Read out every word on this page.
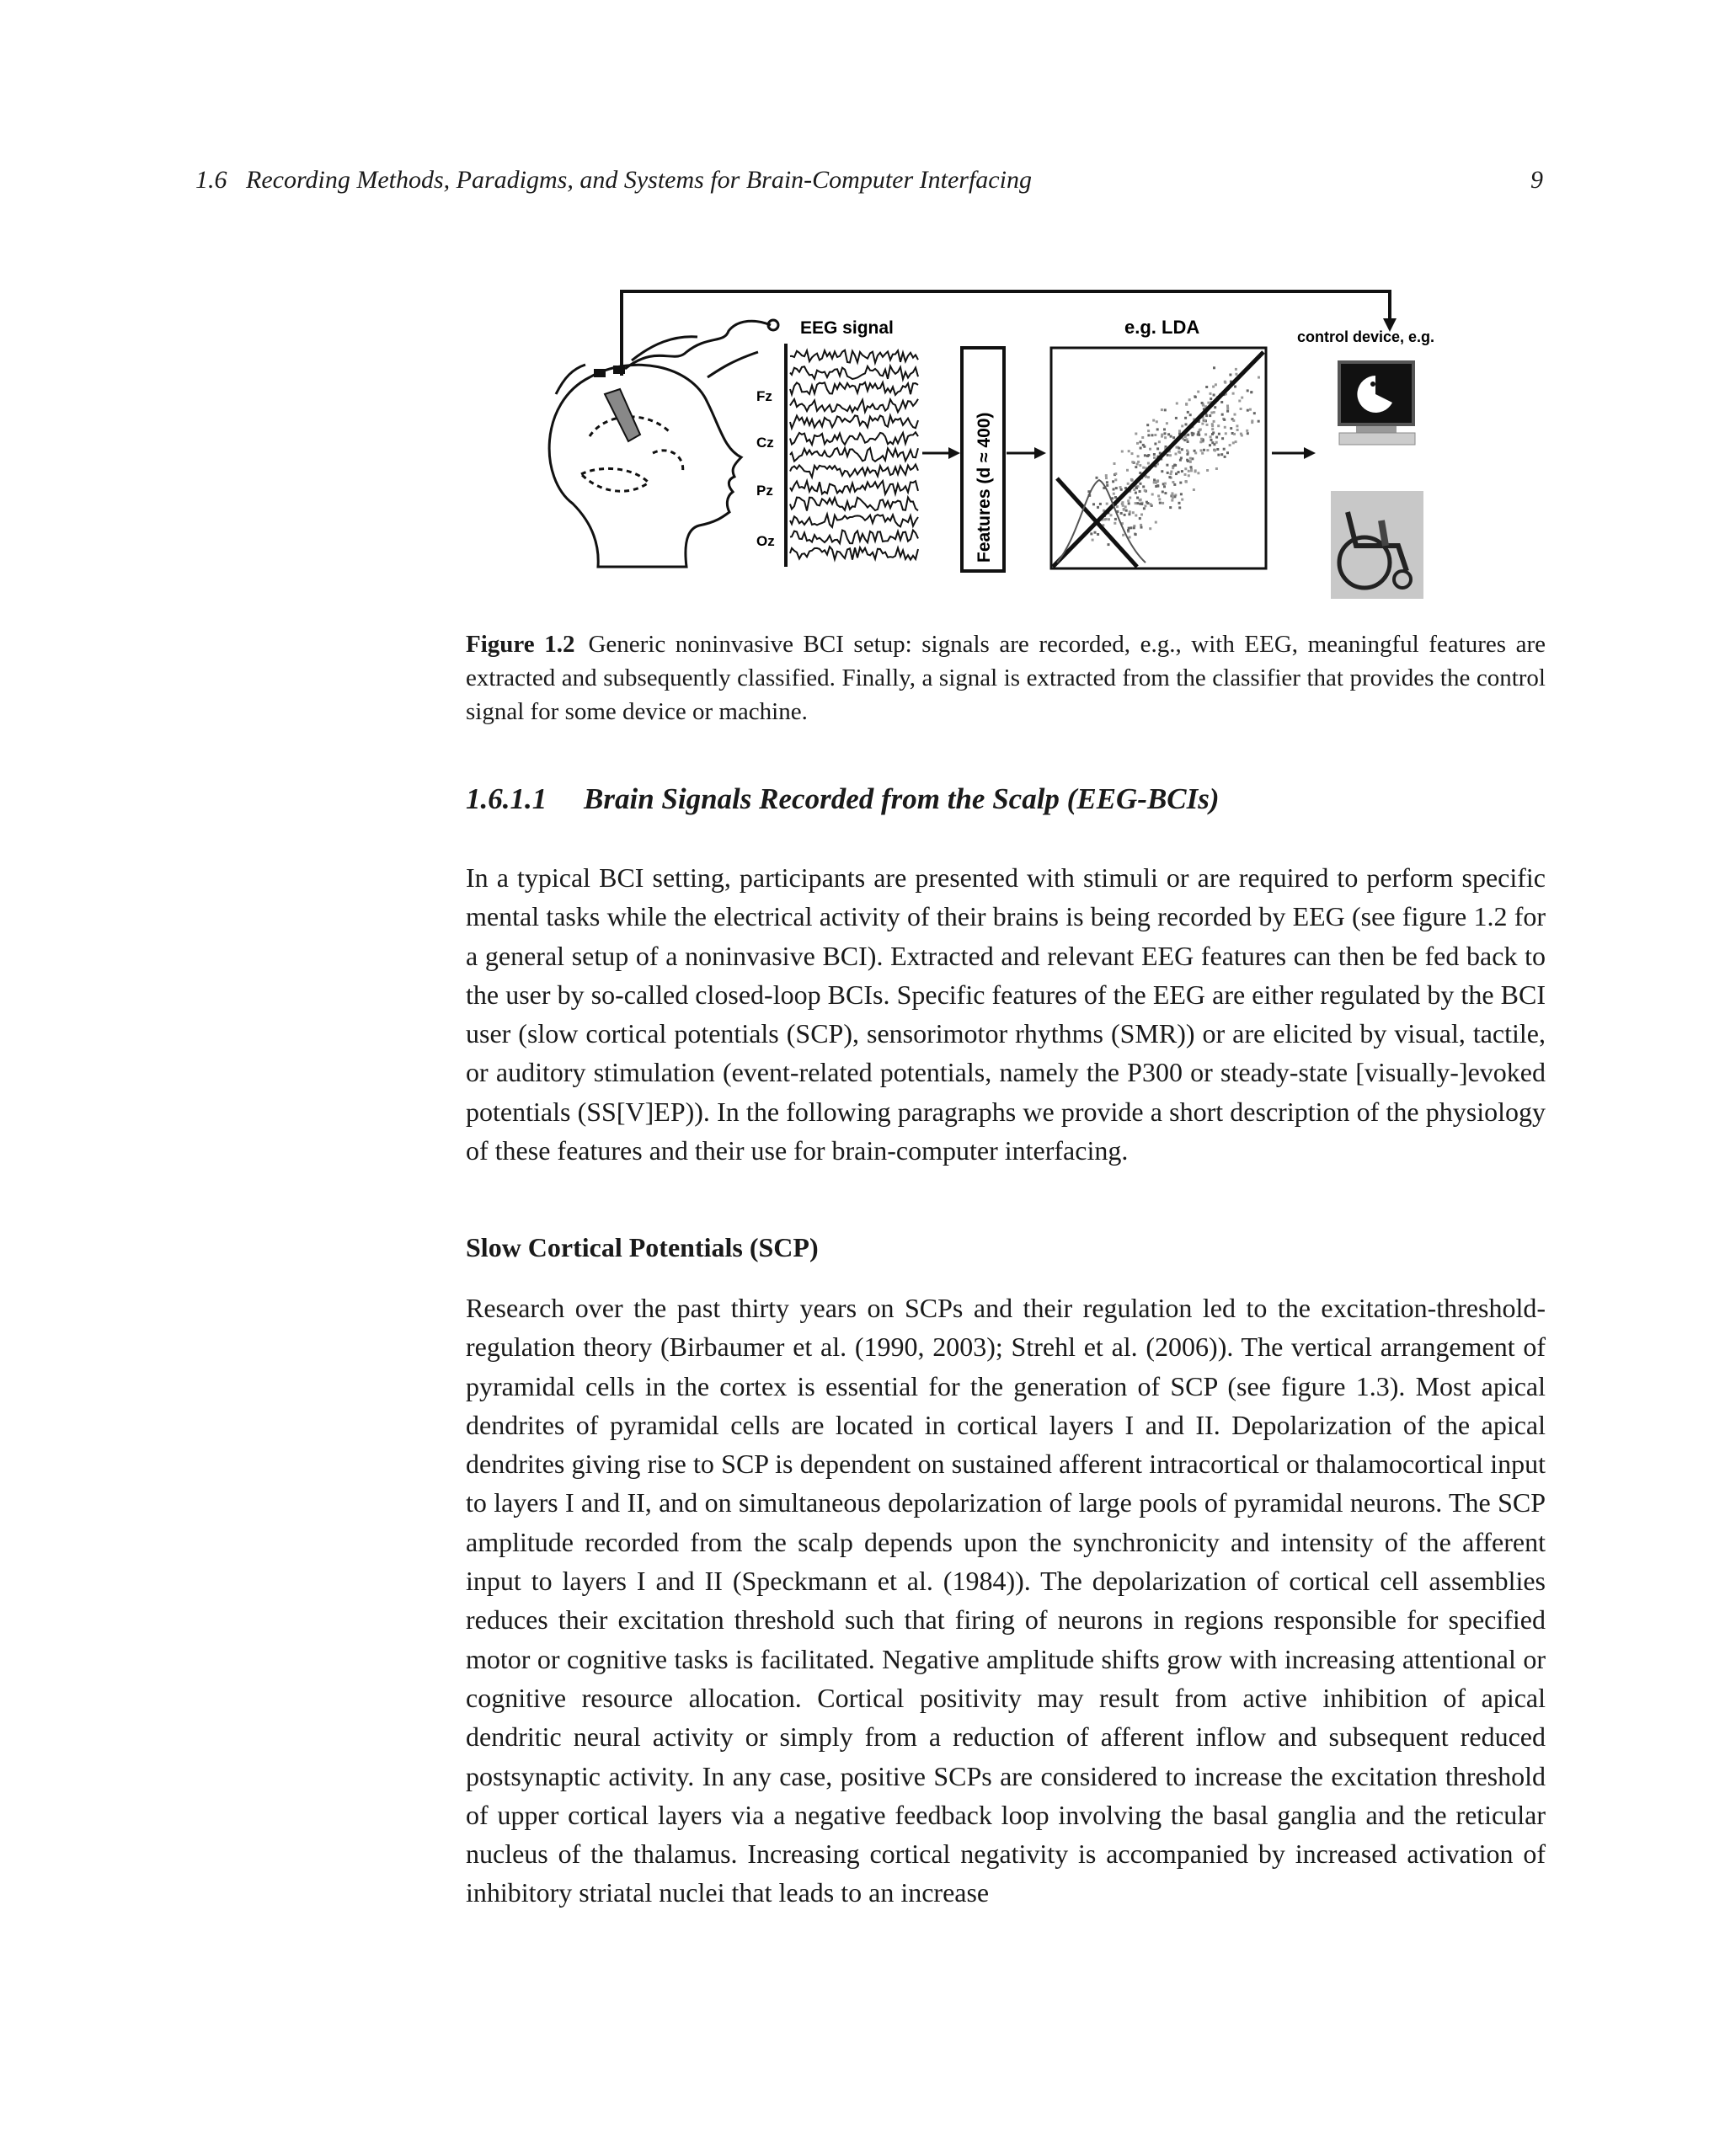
1.6   Recording Methods, Paradigms, and Systems for Brain-Computer Interfacing	9
EEG signal
Fz
Cz
Pz
Oz	Features (d ≈ 400)
e.g. LDA	control device, e.g.
Figure 1.2 Generic noninvasive BCI setup: signals are recorded, e.g., with EEG, meaningful features are extracted and subsequently classified. Finally, a signal is extracted from the classifier that provides the control signal for some device or machine.
1.6.1.1 Brain Signals Recorded from the Scalp (EEG-BCIs)

In a typical BCI setting, participants are presented with stimuli or are required to perform specific mental tasks while the electrical activity of their brains is being recorded by EEG (see figure 1.2 for a general setup of a noninvasive BCI). Extracted and relevant EEG features can then be fed back to the user by so-called closed-loop BCIs. Specific features of the EEG are either regulated by the BCI user (slow cortical potentials (SCP), sensorimotor rhythms (SMR)) or are elicited by visual, tactile, or auditory stimulation (event-related potentials, namely the P300 or steady-state [visually-]evoked potentials (SS[V]EP)). In the following paragraphs we provide a short description of the physiology of these features and their use for brain-computer interfacing.

Slow Cortical Potentials (SCP)

Research over the past thirty years on SCPs and their regulation led to the excitation-threshold-regulation theory (Birbaumer et al. (1990, 2003); Strehl et al. (2006)). The vertical arrangement of pyramidal cells in the cortex is essential for the generation of SCP (see figure 1.3). Most apical dendrites of pyramidal cells are located in cortical layers I and II. Depolarization of the apical dendrites giving rise to SCP is dependent on sustained afferent intracortical or thalamocortical input to layers I and II, and on simultaneous depolarization of large pools of pyramidal neurons. The SCP amplitude recorded from the scalp depends upon the synchronicity and intensity of the afferent input to layers I and II (Speckmann et al. (1984)). The depolarization of cortical cell assemblies reduces their excitation threshold such that firing of neurons in regions responsible for specified motor or cognitive tasks is facilitated. Negative amplitude shifts grow with increasing attentional or cognitive resource allocation. Cortical positivity may result from active inhibition of apical dendritic neural activity or simply from a reduction of afferent inflow and subsequent reduced postsynaptic activity. In any case, positive SCPs are considered to increase the excitation threshold of upper cortical layers via a negative feedback loop involving the basal ganglia and the reticular nucleus of the thalamus. Increasing cortical negativity is accompanied by increased activation of inhibitory striatal nuclei that leads to an increase
